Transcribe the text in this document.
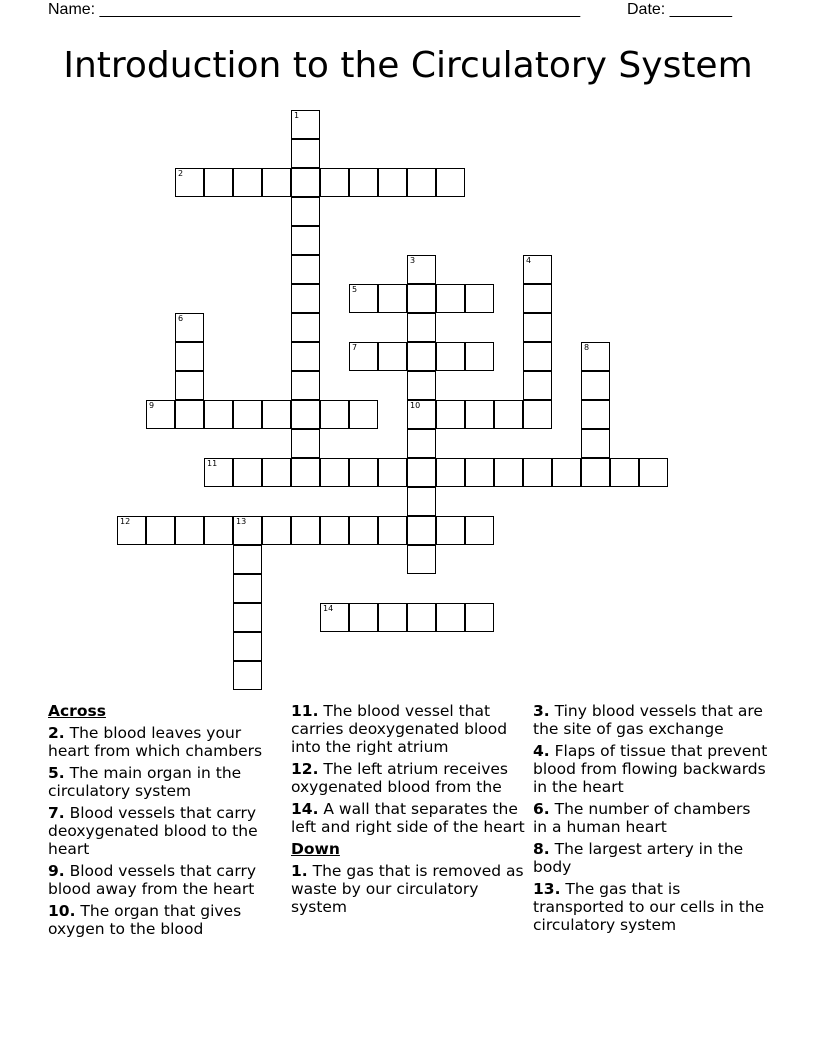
Name: ______________________________________________________	Date: _______
Introduction to the Circulatory System
1
2
3
10
4
5
6
7	8
9
11
12	13
14
Across
2. The blood leaves your heart from which chambers
5. The main organ in the circulatory system
7. Blood vessels that carry deoxygenated blood to the heart
9. Blood vessels that carry blood away from the heart
10. The organ that gives oxygen to the blood
11. The blood vessel that carries deoxygenated blood into the right atrium
12. The left atrium receives oxygenated blood from the
14. A wall that separates the left and right side of the heart
Down
1. The gas that is removed as waste by our circulatory system
3. Tiny blood vessels that are the site of gas exchange
4. Flaps of tissue that prevent blood from flowing backwards in the heart
6. The number of chambers in a human heart
8. The largest artery in the body
13. The gas that is transported to our cells in the circulatory system
